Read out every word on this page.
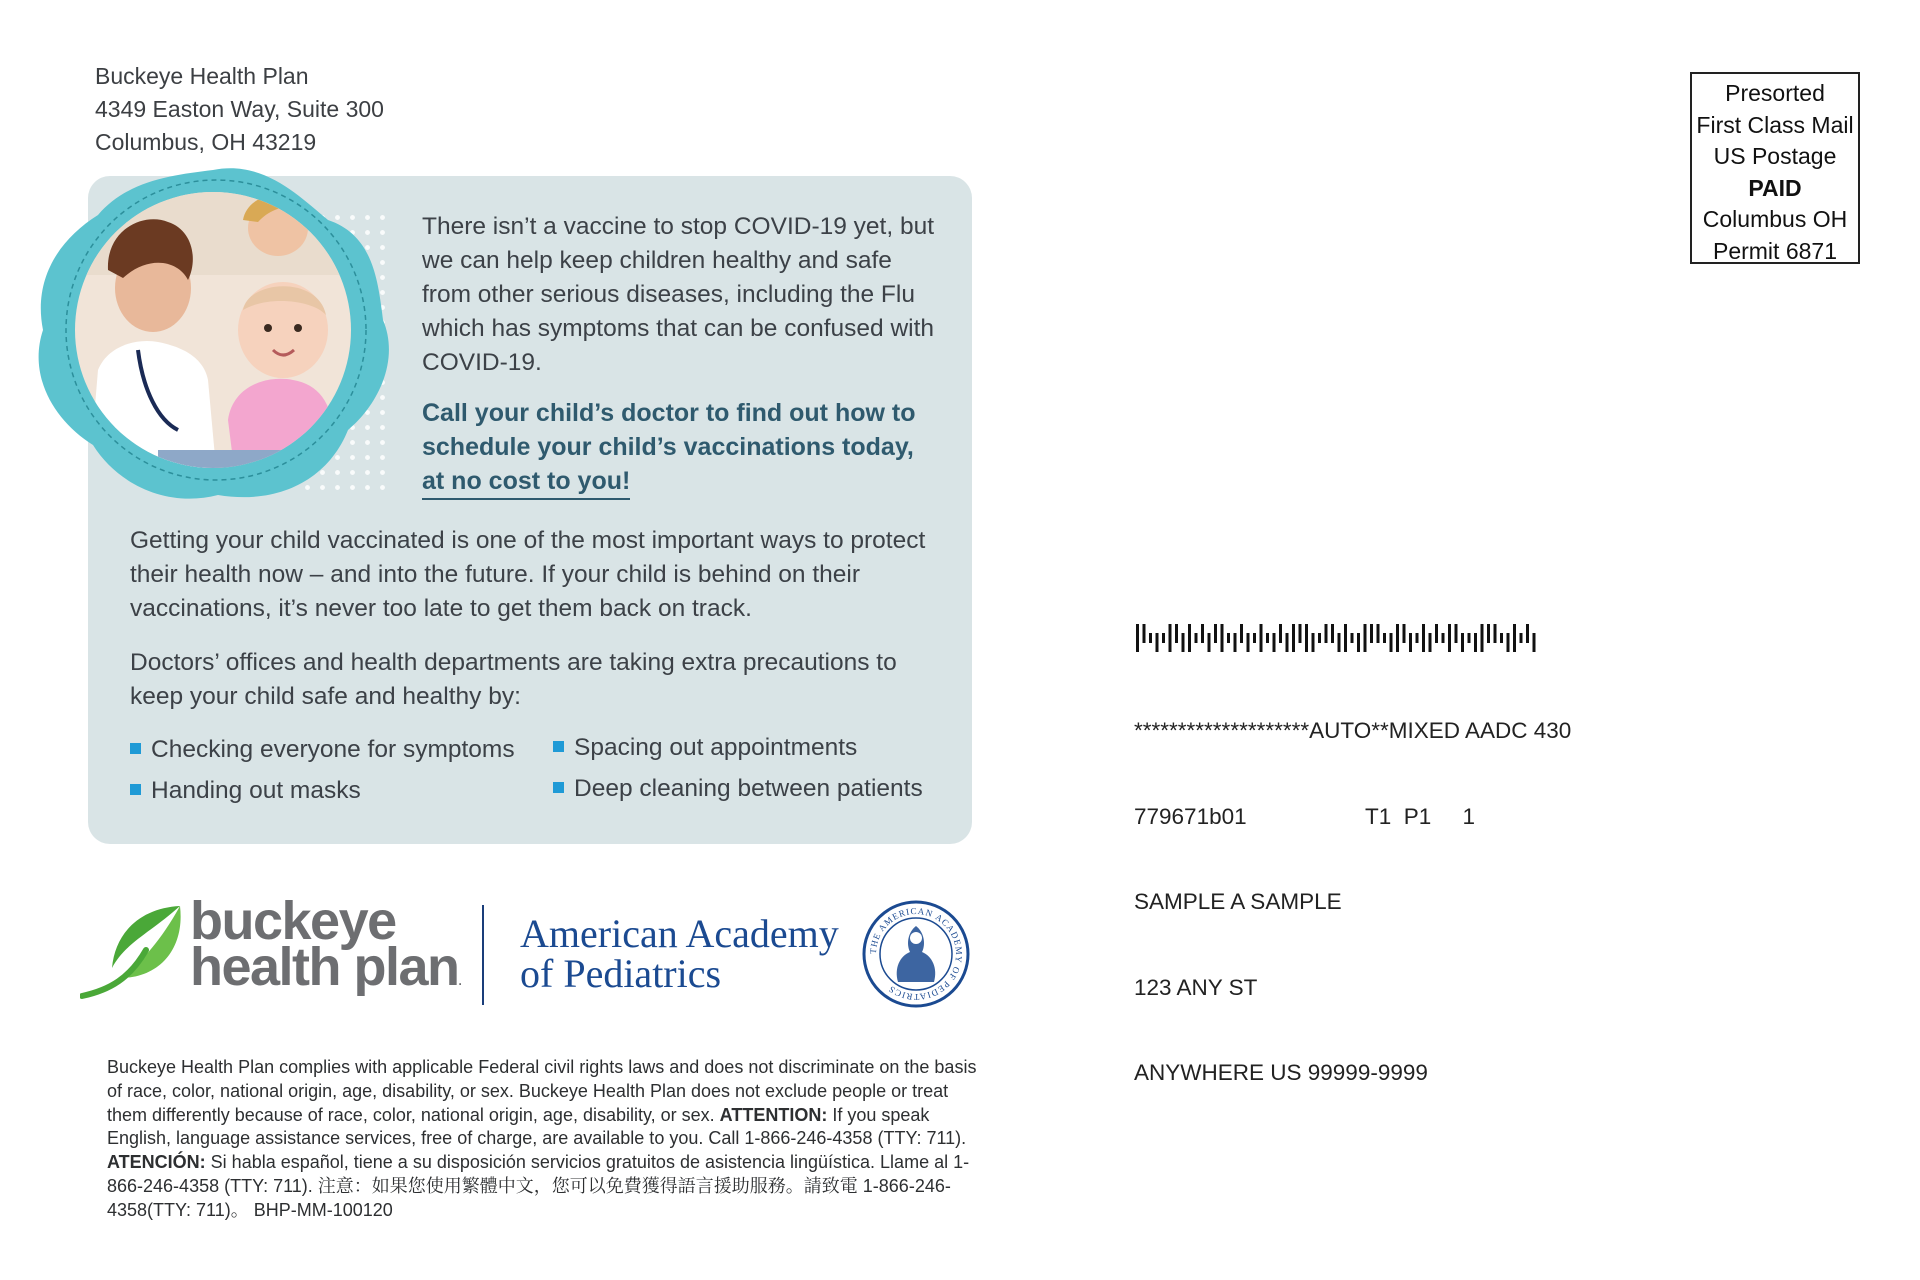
Buckeye Health Plan
4349 Easton Way, Suite 300
Columbus, OH 43219
Presorted
First Class Mail
US Postage
PAID
Columbus OH
Permit 6871
There isn’t a vaccine to stop COVID-19 yet, but we can help keep children healthy and safe from other serious diseases, including the Flu which has symptoms that can be confused with COVID-19.
Call your child’s doctor to find out how to schedule your child’s vaccinations today, at no cost to you!
Getting your child vaccinated is one of the most important ways to protect their health now – and into the future. If your child is behind on their vaccinations, it’s never too late to get them back on track.
Doctors’ offices and health departments are taking extra precautions to keep your child safe and healthy by:
Checking everyone for symptoms
Handing out masks
Spacing out appointments
Deep cleaning between patients

********************AUTO**MIXED AADC 430

779671b01                   T1  P1     1

SAMPLE A SAMPLE

123 ANY ST

ANYWHERE US 99999-9999

buckeye
health plan.
American Academy
of Pediatrics
THE AMERICAN ACADEMY OF PEDIATRICS
Buckeye Health Plan complies with applicable Federal civil rights laws and does not discriminate on the basis of race, color, national origin, age, disability, or sex. Buckeye Health Plan does not exclude people or treat them differently because of race, color, national origin, age, disability, or sex. ATTENTION: If you speak English, language assistance services, free of charge, are available to you. Call 1-866-246-4358 (TTY: 711). ATENCIÓN: Si habla español, tiene a su disposición servicios gratuitos de asistencia lingüística. Llame al 1-866-246-4358 (TTY: 711). 注意：如果您使用繁體中文，您可以免費獲得語言援助服務。請致電 1-866-246-4358(TTY: 711)。 BHP-MM-100120
